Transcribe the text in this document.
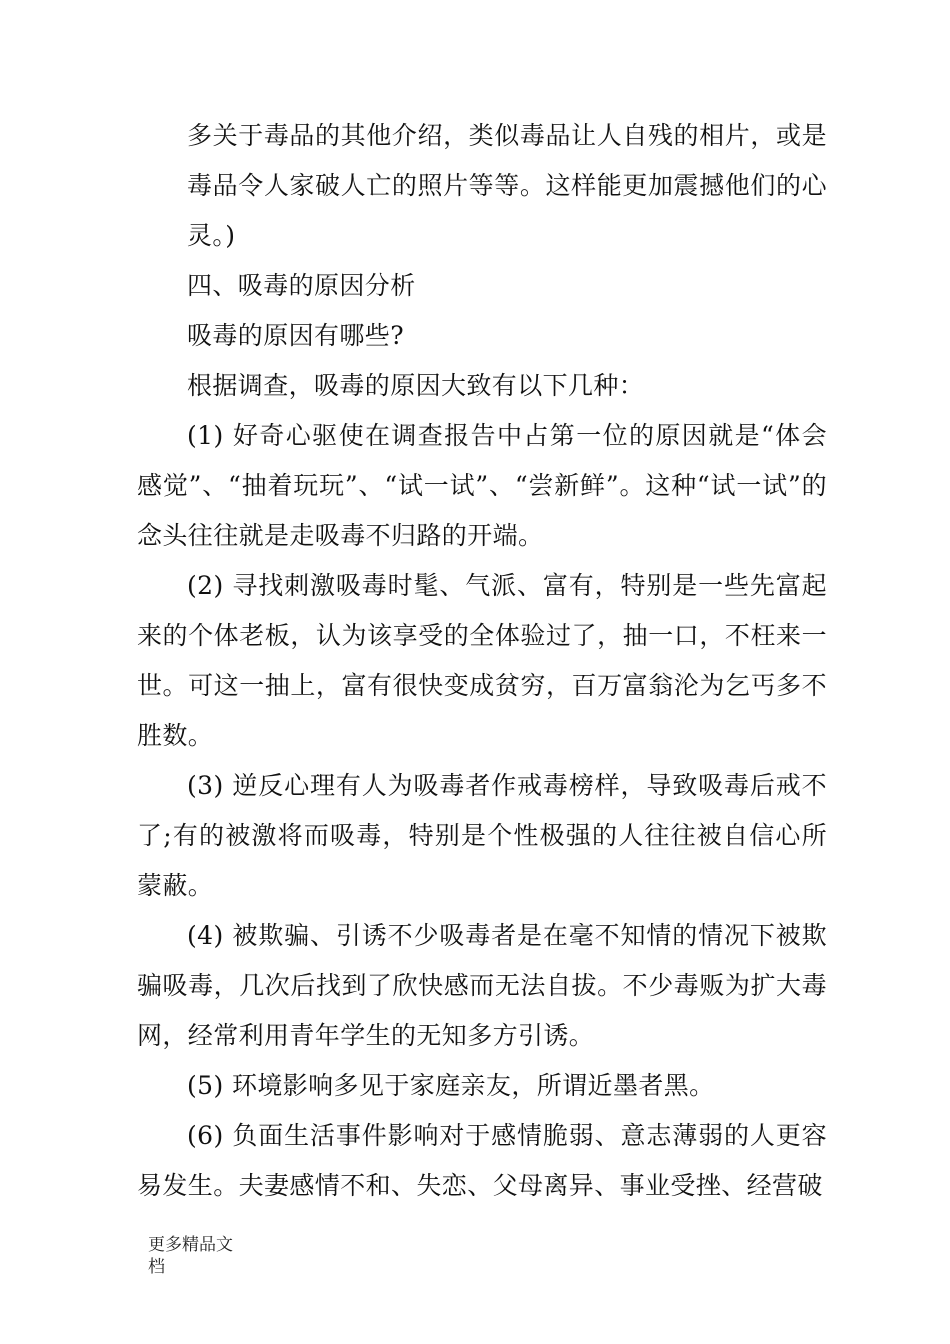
多关于毒品的其他介绍，类似毒品让人自残的相片，或是毒品令人家破人亡的照片等等。这样能更加震撼他们的心灵。)

四、吸毒的原因分析

吸毒的原因有哪些?

根据调查，吸毒的原因大致有以下几种：

(1) 好奇心驱使在调查报告中占第一位的原因就是“体会感觉”、“抽着玩玩”、“试一试”、“尝新鲜”。这种“试一试”的念头往往就是走吸毒不归路的开端。

(2) 寻找刺激吸毒时髦、气派、富有，特别是一些先富起来的个体老板，认为该享受的全体验过了，抽一口，不枉来一世。可这一抽上，富有很快变成贫穷，百万富翁沦为乞丐多不胜数。

(3) 逆反心理有人为吸毒者作戒毒榜样，导致吸毒后戒不了;有的被激将而吸毒，特别是个性极强的人往往被自信心所蒙蔽。

(4) 被欺骗、引诱不少吸毒者是在毫不知情的情况下被欺骗吸毒，几次后找到了欣快感而无法自拔。不少毒贩为扩大毒网，经常利用青年学生的无知多方引诱。

(5) 环境影响多见于家庭亲友，所谓近墨者黑。

(6) 负面生活事件影响对于感情脆弱、意志薄弱的人更容易发生。夫妻感情不和、失恋、父母离异、事业受挫、经营破

更多精品文档
